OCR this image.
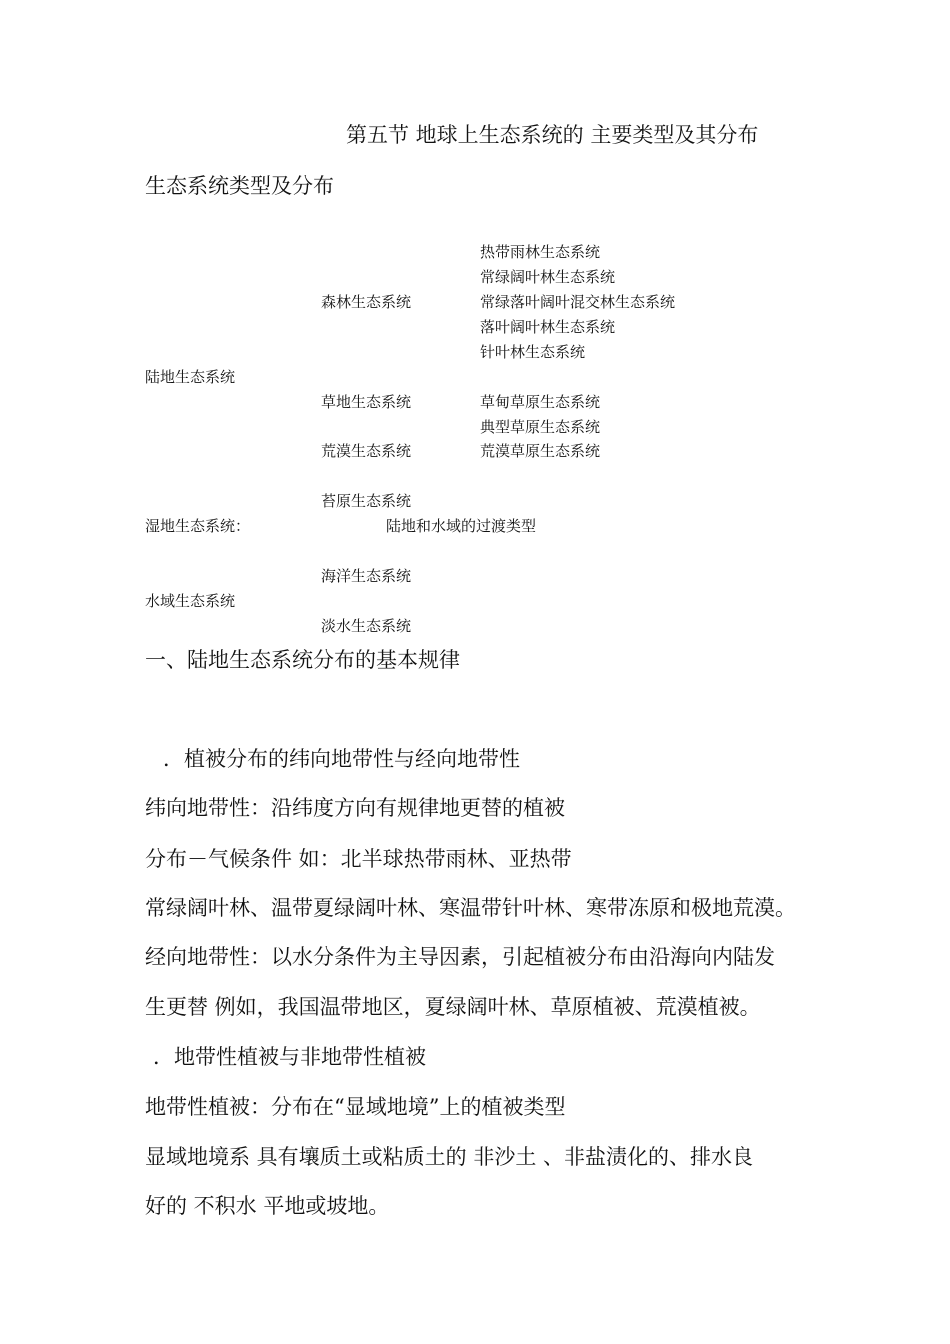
第五节 地球上生态系统的 主要类型及其分布
生态系统类型及分布
热带雨林生态系统
常绿阔叶林生态系统
森林生态系统	常绿落叶阔叶混交林生态系统
落叶阔叶林生态系统
针叶林生态系统
陆地生态系统
草地生态系统	草甸草原生态系统
典型草原生态系统
荒漠生态系统	荒漠草原生态系统
苔原生态系统
湿地生态系统：	陆地和水域的过渡类型
海洋生态系统
水域生态系统
淡水生态系统
一、陆地生态系统分布的基本规律
．植被分布的纬向地带性与经向地带性
纬向地带性：沿纬度方向有规律地更替的植被
分布－气候条件 如：北半球热带雨林、亚热带
常绿阔叶林、温带夏绿阔叶林、寒温带针叶林、寒带冻原和极地荒漠。
经向地带性：以水分条件为主导因素，引起植被分布由沿海向内陆发
生更替 例如，我国温带地区，夏绿阔叶林、草原植被、荒漠植被。
．地带性植被与非地带性植被
地带性植被：分布在“显域地境”上的植被类型
显域地境系 具有壤质土或粘质土的 非沙土 、非盐渍化的、排水良
好的 不积水 平地或坡地。
